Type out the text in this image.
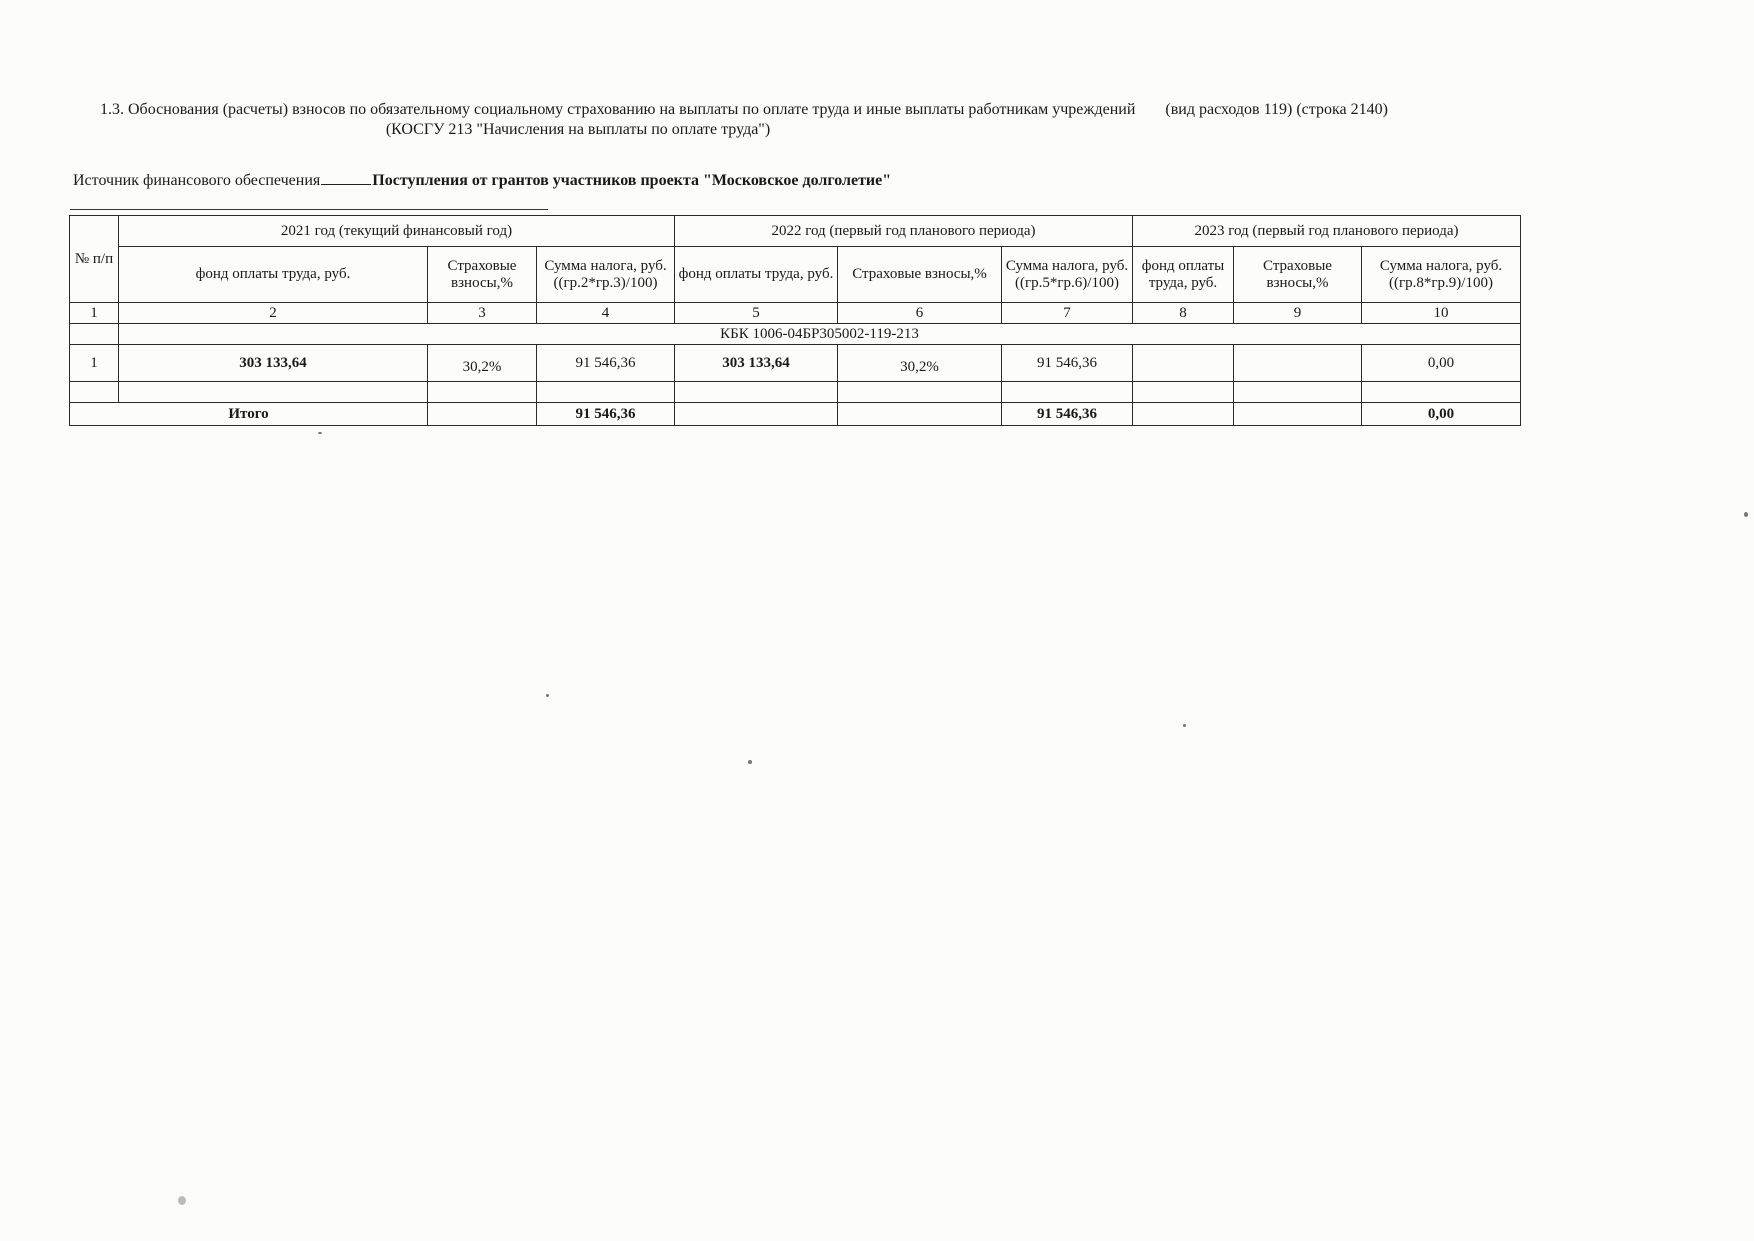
1.3. Обоснования (расчеты) взносов по обязательному социальному страхованию на выплаты по оплате труда и иные выплаты работникам учреждений (вид расходов 119) (строка 2140)
(КОСГУ 213 "Начисления на выплаты по оплате труда")
Источник финансового обеспечения	Поступления от грантов участников проекта "Московское долголетие"
№ п/п	2021 год (текущий финансовый год)			2022 год (первый год планового периода)			2023 год (первый год планового периода)		
	фонд оплаты труда, руб.	Страховые взносы,%	Сумма налога, руб. ((гр.2*гр.3)/100)	фонд оплаты труда, руб.	Страховые взносы,%	Сумма налога, руб. ((гр.5*гр.6)/100)	фонд оплаты труда, руб.	Страховые взносы,%	Сумма налога, руб. ((гр.8*гр.9)/100)
1	2	3	4	5	6	7	8	9	10
	КБК 1006-04БР305002-119-213								
1	303 133,64	30,2%	91 546,36	303 133,64	30,2%	91 546,36			0,00

Итого			91 546,36			91 546,36			0,00
